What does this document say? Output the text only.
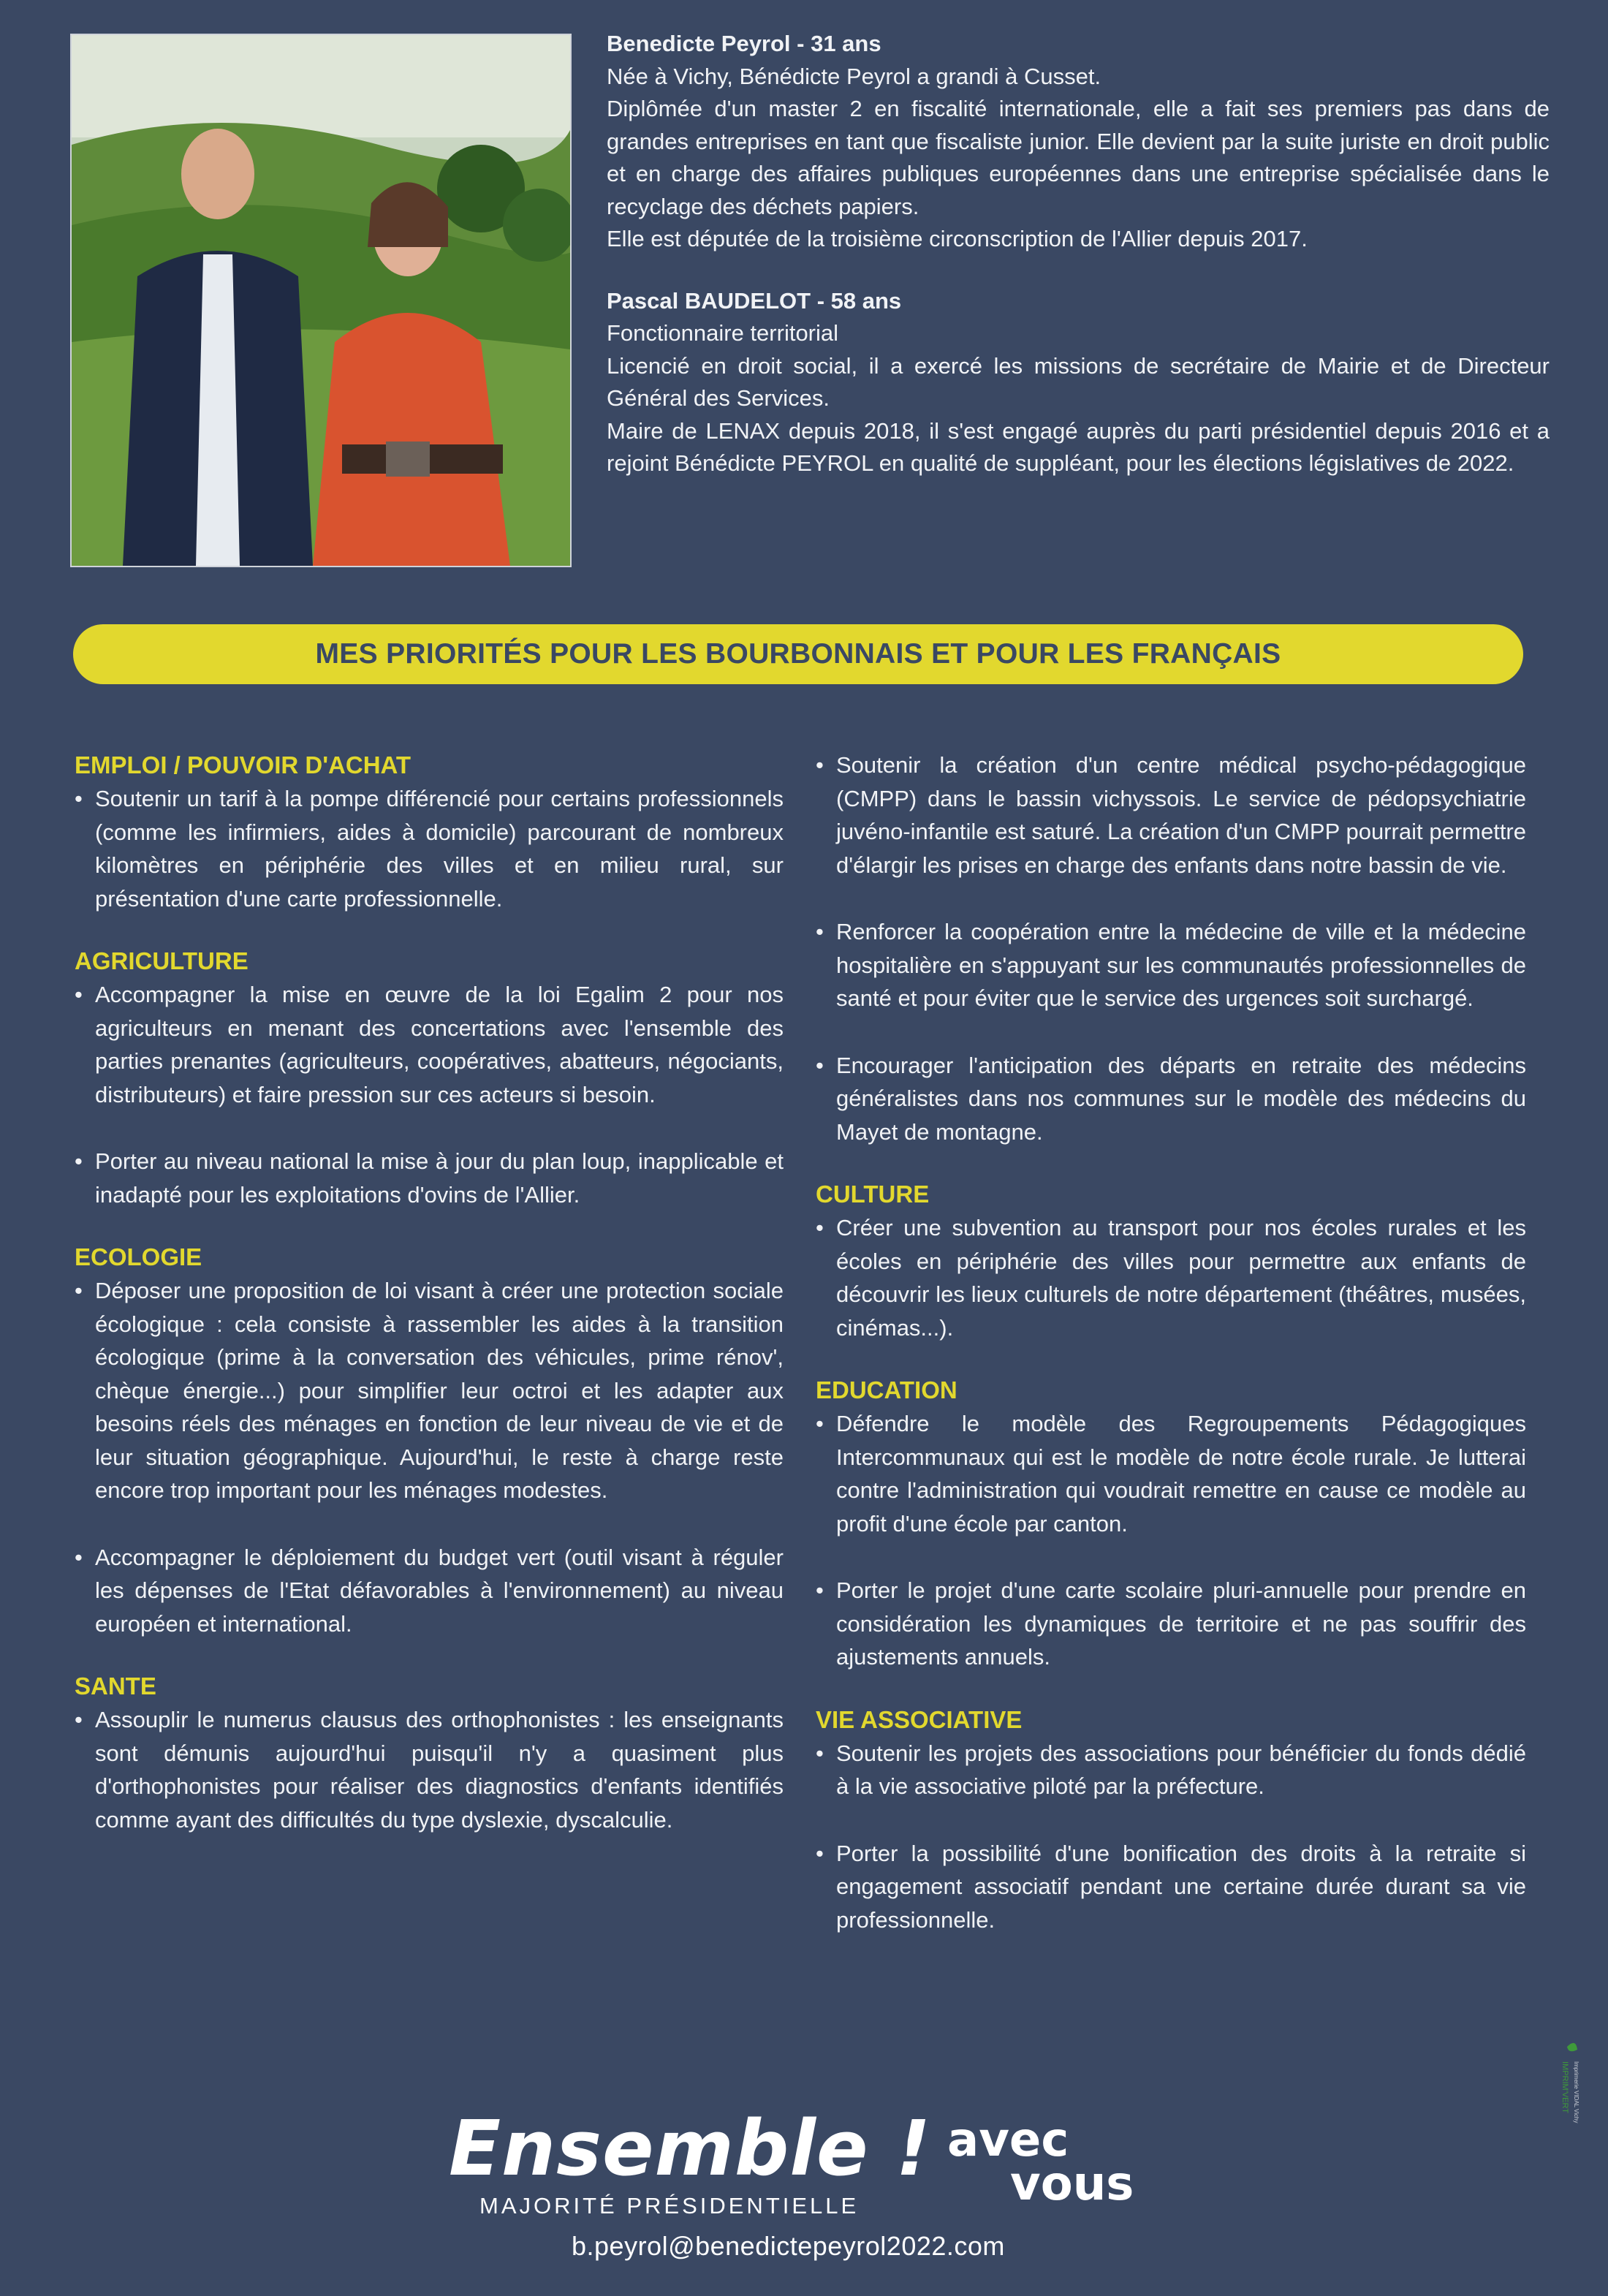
Benedicte Peyrol - 31 ans

Née à Vichy, Bénédicte Peyrol a grandi à Cusset.

Diplômée d'un master 2 en fiscalité internationale, elle a fait ses premiers pas dans de grandes entreprises en tant que fiscaliste junior. Elle devient par la suite juriste en droit public et en charge des affaires publiques européennes dans une entreprise spécialisée dans le recyclage des déchets papiers.

Elle est députée de la troisième circonscription de l'Allier depuis 2017.

Pascal BAUDELOT - 58 ans

Fonctionnaire territorial

Licencié en droit social, il a exercé les missions de secrétaire de Mairie et de Directeur Général des Services.

Maire de LENAX depuis 2018, il s'est engagé auprès du parti présidentiel depuis 2016 et a rejoint Bénédicte PEYROL en qualité de suppléant, pour les élections législatives de 2022.

MES PRIORITÉS POUR LES BOURBONNAIS ET POUR LES FRANÇAIS
EMPLOI / POUVOIR D'ACHAT

• Soutenir un tarif à la pompe différencié pour certains professionnels (comme les infirmiers, aides à domicile) parcourant de nombreux kilomètres en périphérie des villes et en milieu rural, sur présentation d'une carte professionnelle.

AGRICULTURE

• Accompagner la mise en œuvre de la loi Egalim 2 pour nos agriculteurs en menant des concertations avec l'ensemble des parties prenantes (agriculteurs, coopératives, abatteurs, négociants, distributeurs) et faire pression sur ces acteurs si besoin.

• Porter au niveau national la mise à jour du plan loup, inapplicable et inadapté pour les exploitations d'ovins de l'Allier.

ECOLOGIE

• Déposer une proposition de loi visant à créer une protection sociale écologique : cela consiste à rassembler les aides à la transition écologique (prime à la conversation des véhicules, prime rénov', chèque énergie...) pour simplifier leur octroi et les adapter aux besoins réels des ménages en fonction de leur niveau de vie et de leur situation géographique. Aujourd'hui, le reste à charge reste encore trop important pour les ménages modestes.

• Accompagner le déploiement du budget vert (outil visant à réguler les dépenses de l'Etat défavorables à l'environnement) au niveau européen et international.

SANTE

• Assouplir le numerus clausus des orthophonistes : les enseignants sont démunis aujourd'hui puisqu'il n'y a quasiment plus d'orthophonistes pour réaliser des diagnostics d'enfants identifiés comme ayant des difficultés du type dyslexie, dyscalculie.

• Soutenir la création d'un centre médical psycho-pédagogique (CMPP) dans le bassin vichyssois. Le service de pédopsychiatrie juvéno-infantile est saturé. La création d'un CMPP pourrait permettre d'élargir les prises en charge des enfants dans notre bassin de vie.

• Renforcer la coopération entre la médecine de ville et la médecine hospitalière en s'appuyant sur les communautés professionnelles de santé et pour éviter que le service des urgences soit surchargé.

• Encourager l'anticipation des départs en retraite des médecins généralistes dans nos communes sur le modèle des médecins du Mayet de montagne.

CULTURE

• Créer une subvention au transport pour nos écoles rurales et les écoles en périphérie des villes pour permettre aux enfants de découvrir les lieux culturels de notre département (théâtres, musées, cinémas...).

EDUCATION

• Défendre le modèle des Regroupements Pédagogiques Intercommunaux qui est le modèle de notre école rurale. Je lutterai contre l'administration qui voudrait remettre en cause ce modèle au profit d'une école par canton.

• Porter le projet d'une carte scolaire pluri-annuelle pour prendre en considération les dynamiques de territoire et ne pas souffrir des ajustements annuels.

VIE ASSOCIATIVE

• Soutenir les projets des associations pour bénéficier du fonds dédié à la vie associative piloté par la préfecture.

• Porter la possibilité d'une bonification des droits à la retraite si engagement associatif pendant une certaine durée durant sa vie professionnelle.

Ensemble !
MAJORITÉ PRÉSIDENTIELLE
avec
vous
b.peyrol@benedictepeyrol2022.com
IMPRIM'VERT Imprimerie VIDAL Vichy
